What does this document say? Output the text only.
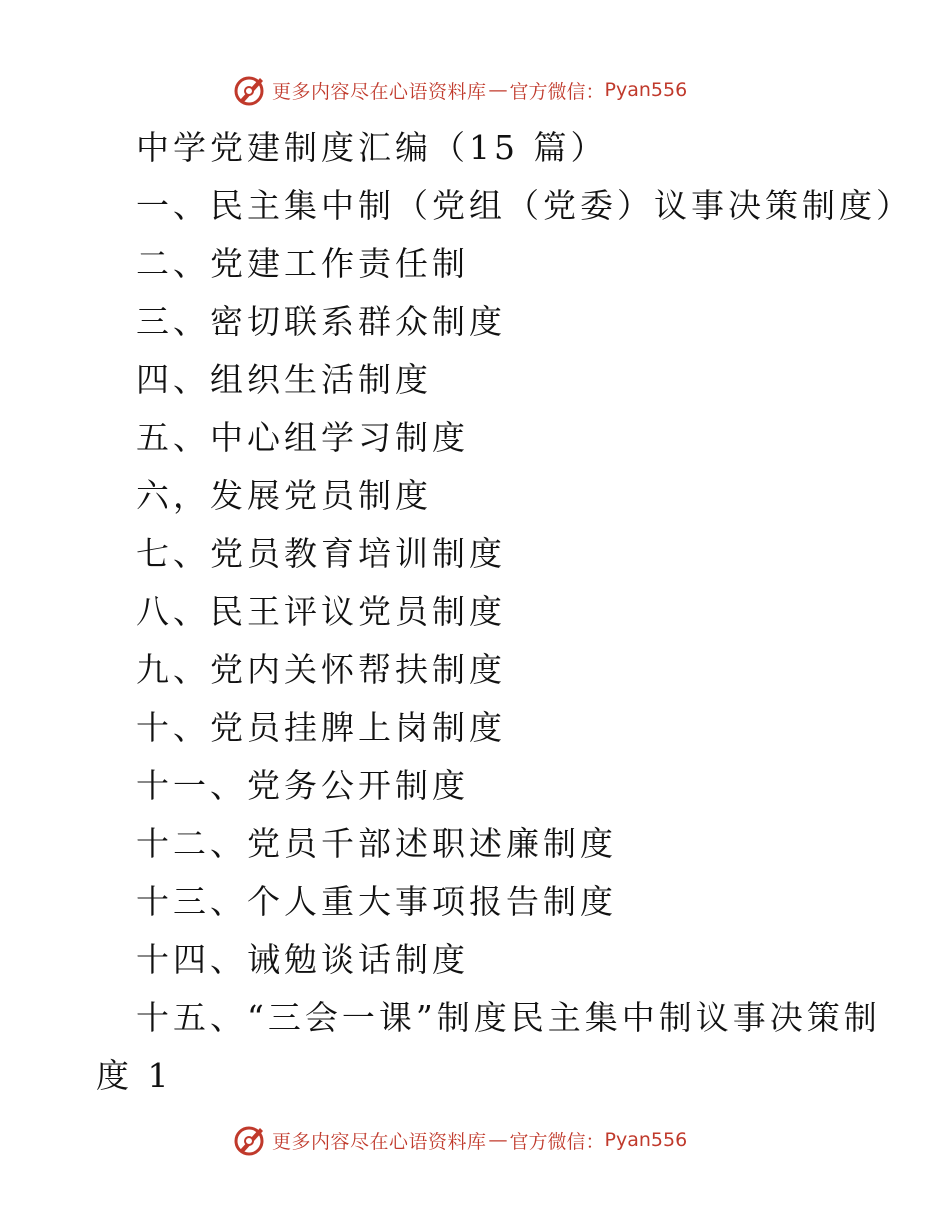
更多内容尽在心语资料库 — 官方微信： Pyan556
中学党建制度汇编（15 篇）
一、民主集中制（党组（党委）议事决策制度）
二、党建工作责任制
三、密切联系群众制度
四、组织生活制度
五、中心组学习制度
六，发展党员制度
七、党员教育培训制度
八、民王评议党员制度
九、党内关怀帮扶制度
十、党员挂脾上岗制度
十一、党务公开制度
十二、党员千部述职述廉制度
十三、个人重大事项报告制度
十四、诫勉谈话制度
十五、“三会一课”制度民主集中制议事决策制
度 1
更多内容尽在心语资料库 — 官方微信： Pyan556
